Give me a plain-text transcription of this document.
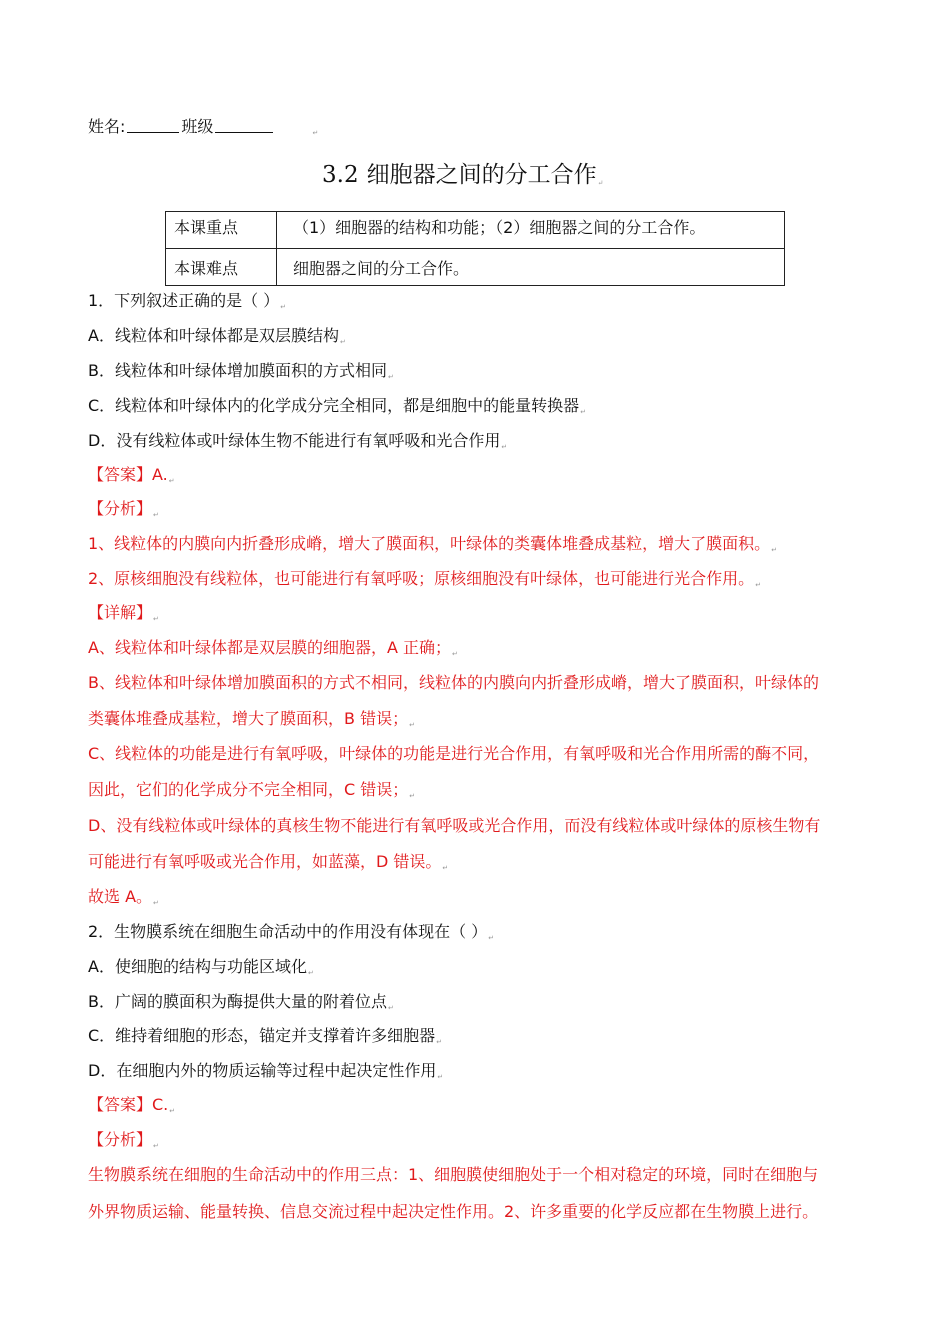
姓名:	班级	↵
3.2 细胞器之间的分工合作↵
本课重点	（1）细胞器的结构和功能；（2）细胞器之间的分工合作。
本课难点	细胞器之间的分工合作。
1．下列叙述正确的是（ ）↵
A．线粒体和叶绿体都是双层膜结构↵
B．线粒体和叶绿体增加膜面积的方式相同↵
C．线粒体和叶绿体内的化学成分完全相同，都是细胞中的能量转换器↵
D．没有线粒体或叶绿体生物不能进行有氧呼吸和光合作用↵
【答案】A.↵
【分析】↵
1、线粒体的内膜向内折叠形成嵴，增大了膜面积，叶绿体的类囊体堆叠成基粒，增大了膜面积。↵
2、原核细胞没有线粒体，也可能进行有氧呼吸；原核细胞没有叶绿体，也可能进行光合作用。↵
【详解】↵
A、线粒体和叶绿体都是双层膜的细胞器，A 正确；↵
B、线粒体和叶绿体增加膜面积的方式不相同，线粒体的内膜向内折叠形成嵴，增大了膜面积，叶绿体的
类囊体堆叠成基粒，增大了膜面积，B 错误；↵
C、线粒体的功能是进行有氧呼吸，叶绿体的功能是进行光合作用，有氧呼吸和光合作用所需的酶不同，
因此，它们的化学成分不完全相同，C 错误；↵
D、没有线粒体或叶绿体的真核生物不能进行有氧呼吸或光合作用，而没有线粒体或叶绿体的原核生物有
可能进行有氧呼吸或光合作用，如蓝藻，D 错误。↵
故选 A。↵
2．生物膜系统在细胞生命活动中的作用没有体现在（ ）↵
A．使细胞的结构与功能区域化↵
B．广阔的膜面积为酶提供大量的附着位点↵
C．维持着细胞的形态，锚定并支撑着许多细胞器↵
D．在细胞内外的物质运输等过程中起决定性作用↵
【答案】C.↵
【分析】↵
生物膜系统在细胞的生命活动中的作用三点：1、细胞膜使细胞处于一个相对稳定的环境，同时在细胞与
外界物质运输、能量转换、信息交流过程中起决定性作用。2、许多重要的化学反应都在生物膜上进行。
